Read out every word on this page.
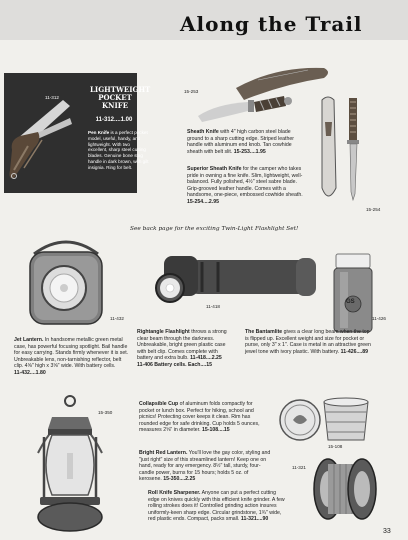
Along the Trail
11-312
LIGHTWEIGHT
POCKET
KNIFE
11-312....1.00
Pen Knife is a perfect pocket model, useful, handy, and lightweight. With two excellent, sharp steel cutting blades. Genuine bone stag handle in dark brown, with gilt insignia. Ring for belt.
15-253
15-254
Sheath Knife with 4" high carbon steel blade ground to a sharp cutting edge. Striped leather handle with aluminum end knob. Tan cowhide sheath with belt slit. 15-253....1.95
Superior Sheath Knife for the camper who takes pride in owning a fine knife. Slim, lightweight, well-balanced. Fully polished, 4½" steel sabre blade. Grip-grooved leather handle. Comes with a handsome, one-piece, embossed cowhide sheath. 15-254....2.95
See back page for the exciting Twin-Light Flashlight Set!
11-432
11-418
GS
11-426
Jet Lantern. In handsome metallic green metal case, has powerful focusing spotlight. Bail handle for easy carrying. Stands firmly whenever it is set. Unbreakable lens, non-tarnishing reflector, belt clip. 4⅝" high x 3⅝" wide. With battery cells. 11-432....1.80
Rightangle Flashlight throws a strong clear beam through the darkness. Unbreakable, bright green plastic case with belt clip. Comes complete with battery and extra bulb. 11-418....2.25
11-406 Battery cells. Each....15
The Bantamlite gives a clear long beam when the top is flipped up. Excellent weight and size for pocket or purse, only 3" x 1". Case is metal in an attractive green jewel tone with ivory plastic. With battery. 11-426....89
15-350
15-108
11-321
Collapsible Cup of aluminum folds compactly for pocket or lunch box. Perfect for hiking, school and picnics! Protecting cover keeps it clean. Rim has rounded edge for safe drinking. Cup holds 5 ounces, measures 2⅝" in diameter. 15-108....15
Bright Red Lantern. You'll love the gay color, styling and "just right" size of this streamlined lantern! Keep one on hand, ready for any emergency. 8½" tall, sturdy, four-candle power, burns for 15 hours; holds 5 oz. of kerosene. 15-350....2.25
Roll Knife Sharpener. Anyone can put a perfect cutting edge on knives quickly with this efficient knife grinder. A few rolling strokes does it! Controlled grinding action insures uniformly-keen sharp edge. Circular grindstone, 1¾" wide, red plastic ends. Compact, packs small. 11-321....90
33
